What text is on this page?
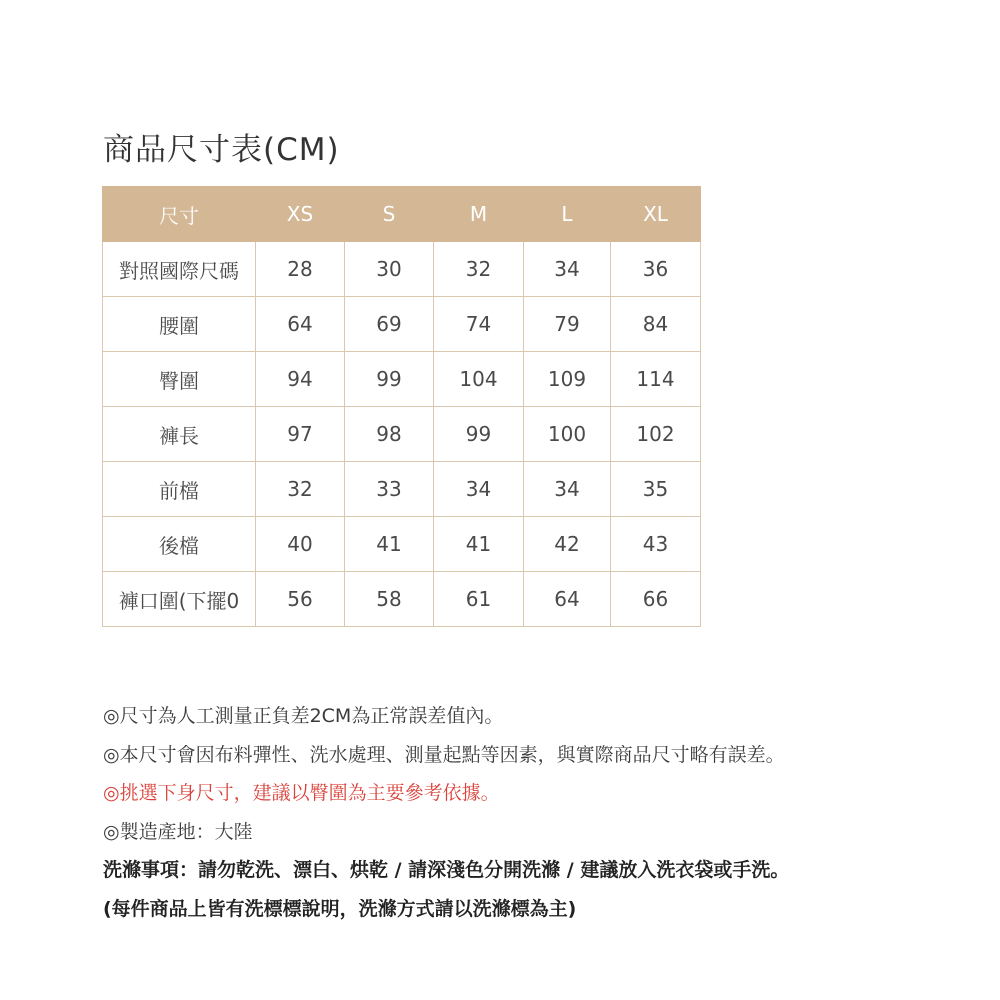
商品尺寸表(CM)
尺寸	XS	S	M	L	XL
對照國際尺碼	28	30	32	34	36
腰圍	64	69	74	79	84
臀圍	94	99	104	109	114
褲長	97	98	99	100	102
前檔	32	33	34	34	35
後檔	40	41	41	42	43
褲口圍(下擺0	56	58	61	64	66
◎尺寸為人工測量正負差2CM為正常誤差值內。
◎本尺寸會因布料彈性、洗水處理、測量起點等因素，與實際商品尺寸略有誤差。
◎挑選下身尺寸，建議以臀圍為主要參考依據。
◎製造產地：大陸
洗滌事項：請勿乾洗、漂白、烘乾 / 請深淺色分開洗滌 / 建議放入洗衣袋或手洗。
(每件商品上皆有洗標標說明，洗滌方式請以洗滌標為主)
